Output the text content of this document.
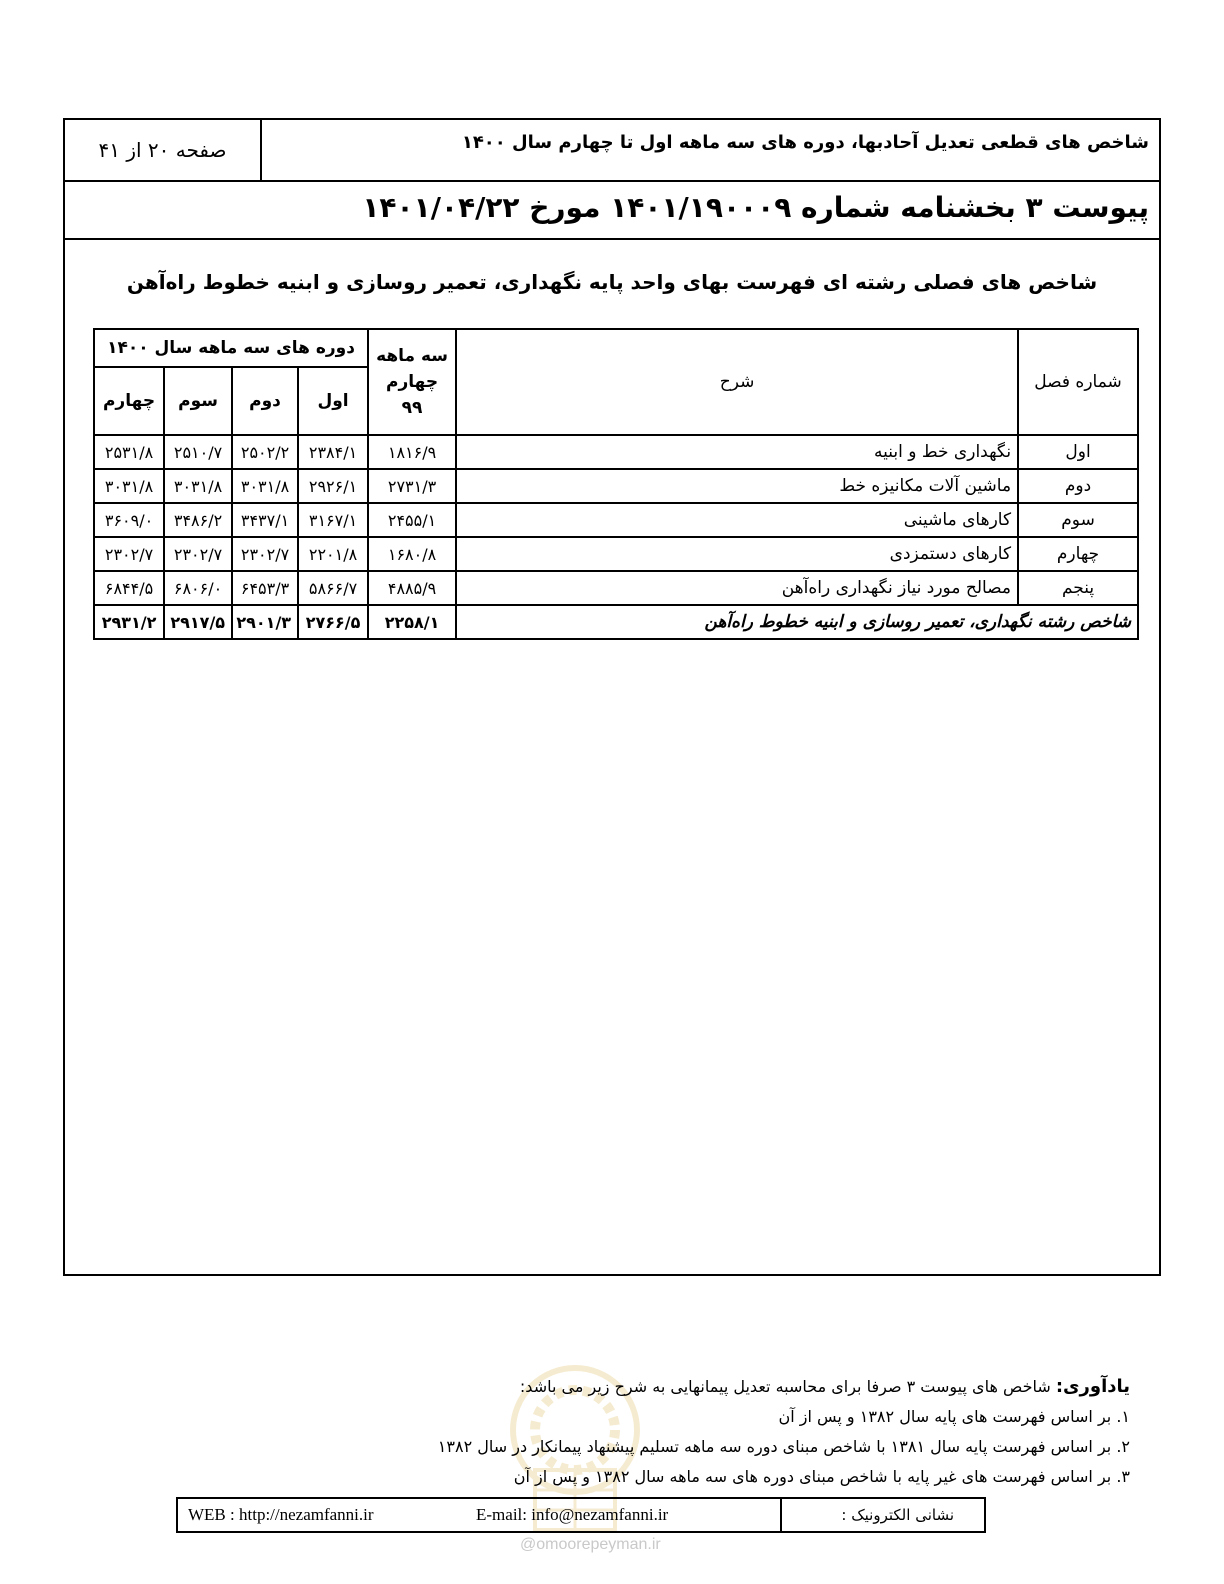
شاخص های قطعی تعدیل آحادبها، دوره های سه ماهه اول تا چهارم سال ۱۴۰۰
صفحه ۲۰ از ۴۱
پیوست ۳ بخشنامه شماره ۱۴۰۱/۱۹۰۰۰۹ مورخ ۱۴۰۱/۰۴/۲۲
شاخص های فصلی رشته ای فهرست بهای واحد پایه نگهداری، تعمیر روسازی و ابنیه خطوط راه‌آهن
شماره فصل	شرح	سه ماهه چهارم ۹۹	دوره های سه ماهه سال ۱۴۰۰			
			اول	دوم	سوم	چهارم
اول	نگهداری خط و ابنیه	۱۸۱۶/۹	۲۳۸۴/۱	۲۵۰۲/۲	۲۵۱۰/۷	۲۵۳۱/۸
دوم	ماشین آلات مکانیزه خط	۲۷۳۱/۳	۲۹۲۶/۱	۳۰۳۱/۸	۳۰۳۱/۸	۳۰۳۱/۸
سوم	کارهای ماشینی	۲۴۵۵/۱	۳۱۶۷/۱	۳۴۳۷/۱	۳۴۸۶/۲	۳۶۰۹/۰
چهارم	کارهای دستمزدی	۱۶۸۰/۸	۲۲۰۱/۸	۲۳۰۲/۷	۲۳۰۲/۷	۲۳۰۲/۷
پنجم	مصالح مورد نیاز نگهداری راه‌آهن	۴۸۸۵/۹	۵۸۶۶/۷	۶۴۵۳/۳	۶۸۰۶/۰	۶۸۴۴/۵
شاخص رشته نگهداری، تعمیر روسازی و ابنیه خطوط راه‌آهن		۲۲۵۸/۱	۲۷۶۶/۵	۲۹۰۱/۳	۲۹۱۷/۵	۲۹۳۱/۲

یادآوری: شاخص های پیوست ۳ صرفا برای محاسبه تعدیل پیمانهایی به شرح زیر می باشد:

۱. بر اساس فهرست های پایه سال ۱۳۸۲ و پس از آن

۲. بر اساس فهرست پایه سال ۱۳۸۱ با شاخص مبنای دوره سه ماهه تسلیم پیشنهاد پیمانکار در سال ۱۳۸۲

۳. بر اساس فهرست های غیر پایه با شاخص مبنای دوره های سه ماهه سال ۱۳۸۲ و پس از آن

WEB : http://nezamfanni.ir	E-mail: info@nezamfanni.ir	نشانی الکترونیک :
@omoorepeyman.ir
